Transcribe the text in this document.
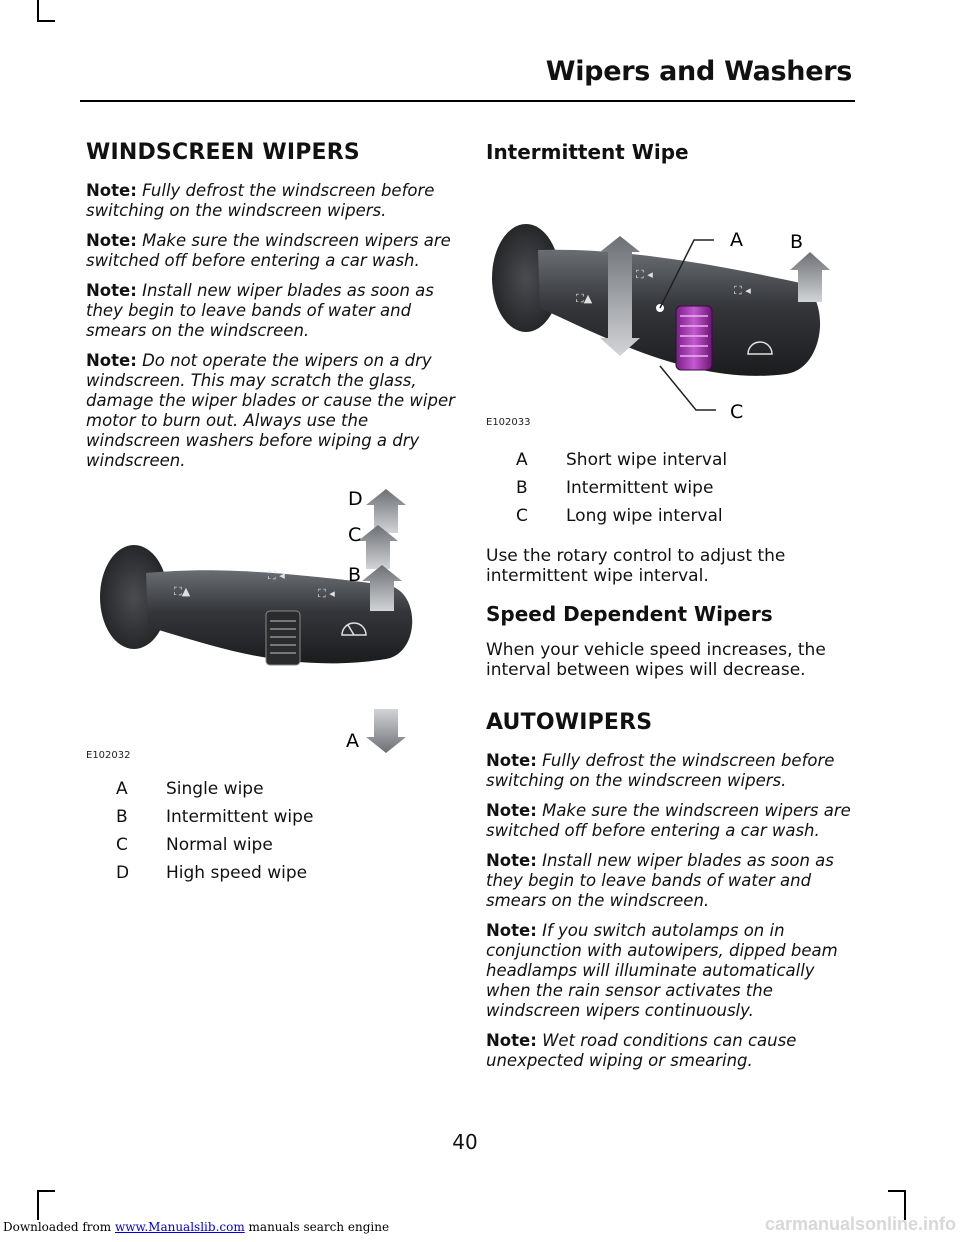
Wipers and Washers
WINDSCREEN WIPERS

Note: Fully defrost the windscreen before switching on the windscreen wipers.

Note: Make sure the windscreen wipers are switched off before entering a car wash.

Note: Install new wiper blades as soon as they begin to leave bands of water and smears on the windscreen.

Note: Do not operate the wipers on a dry windscreen. This may scratch the glass, damage the wiper blades or cause the wiper motor to burn out. Always use the windscreen washers before wiping a dry windscreen.

⛶▲
⛶ ◂
⛶ ◂
D
C
B
A
E102032
A	Single wipe
B	Intermittent wipe
C	Normal wipe
D	High speed wipe
Intermittent Wipe
⛶▲
⛶ ◂
⛶ ◂
A B
C
E102033
A	Short wipe interval
B	Intermittent wipe
C	Long wipe interval

Use the rotary control to adjust the intermittent wipe interval.

Speed Dependent Wipers

When your vehicle speed increases, the interval between wipes will decrease.

AUTOWIPERS

Note: Fully defrost the windscreen before switching on the windscreen wipers.

Note: Make sure the windscreen wipers are switched off before entering a car wash.

Note: Install new wiper blades as soon as they begin to leave bands of water and smears on the windscreen.

Note: If you switch autolamps on in conjunction with autowipers, dipped beam headlamps will illuminate automatically when the rain sensor activates the windscreen wipers continuously.

Note: Wet road conditions can cause unexpected wiping or smearing.

40
Downloaded from www.Manualslib.com manuals search engine	carmanualsonline.info
